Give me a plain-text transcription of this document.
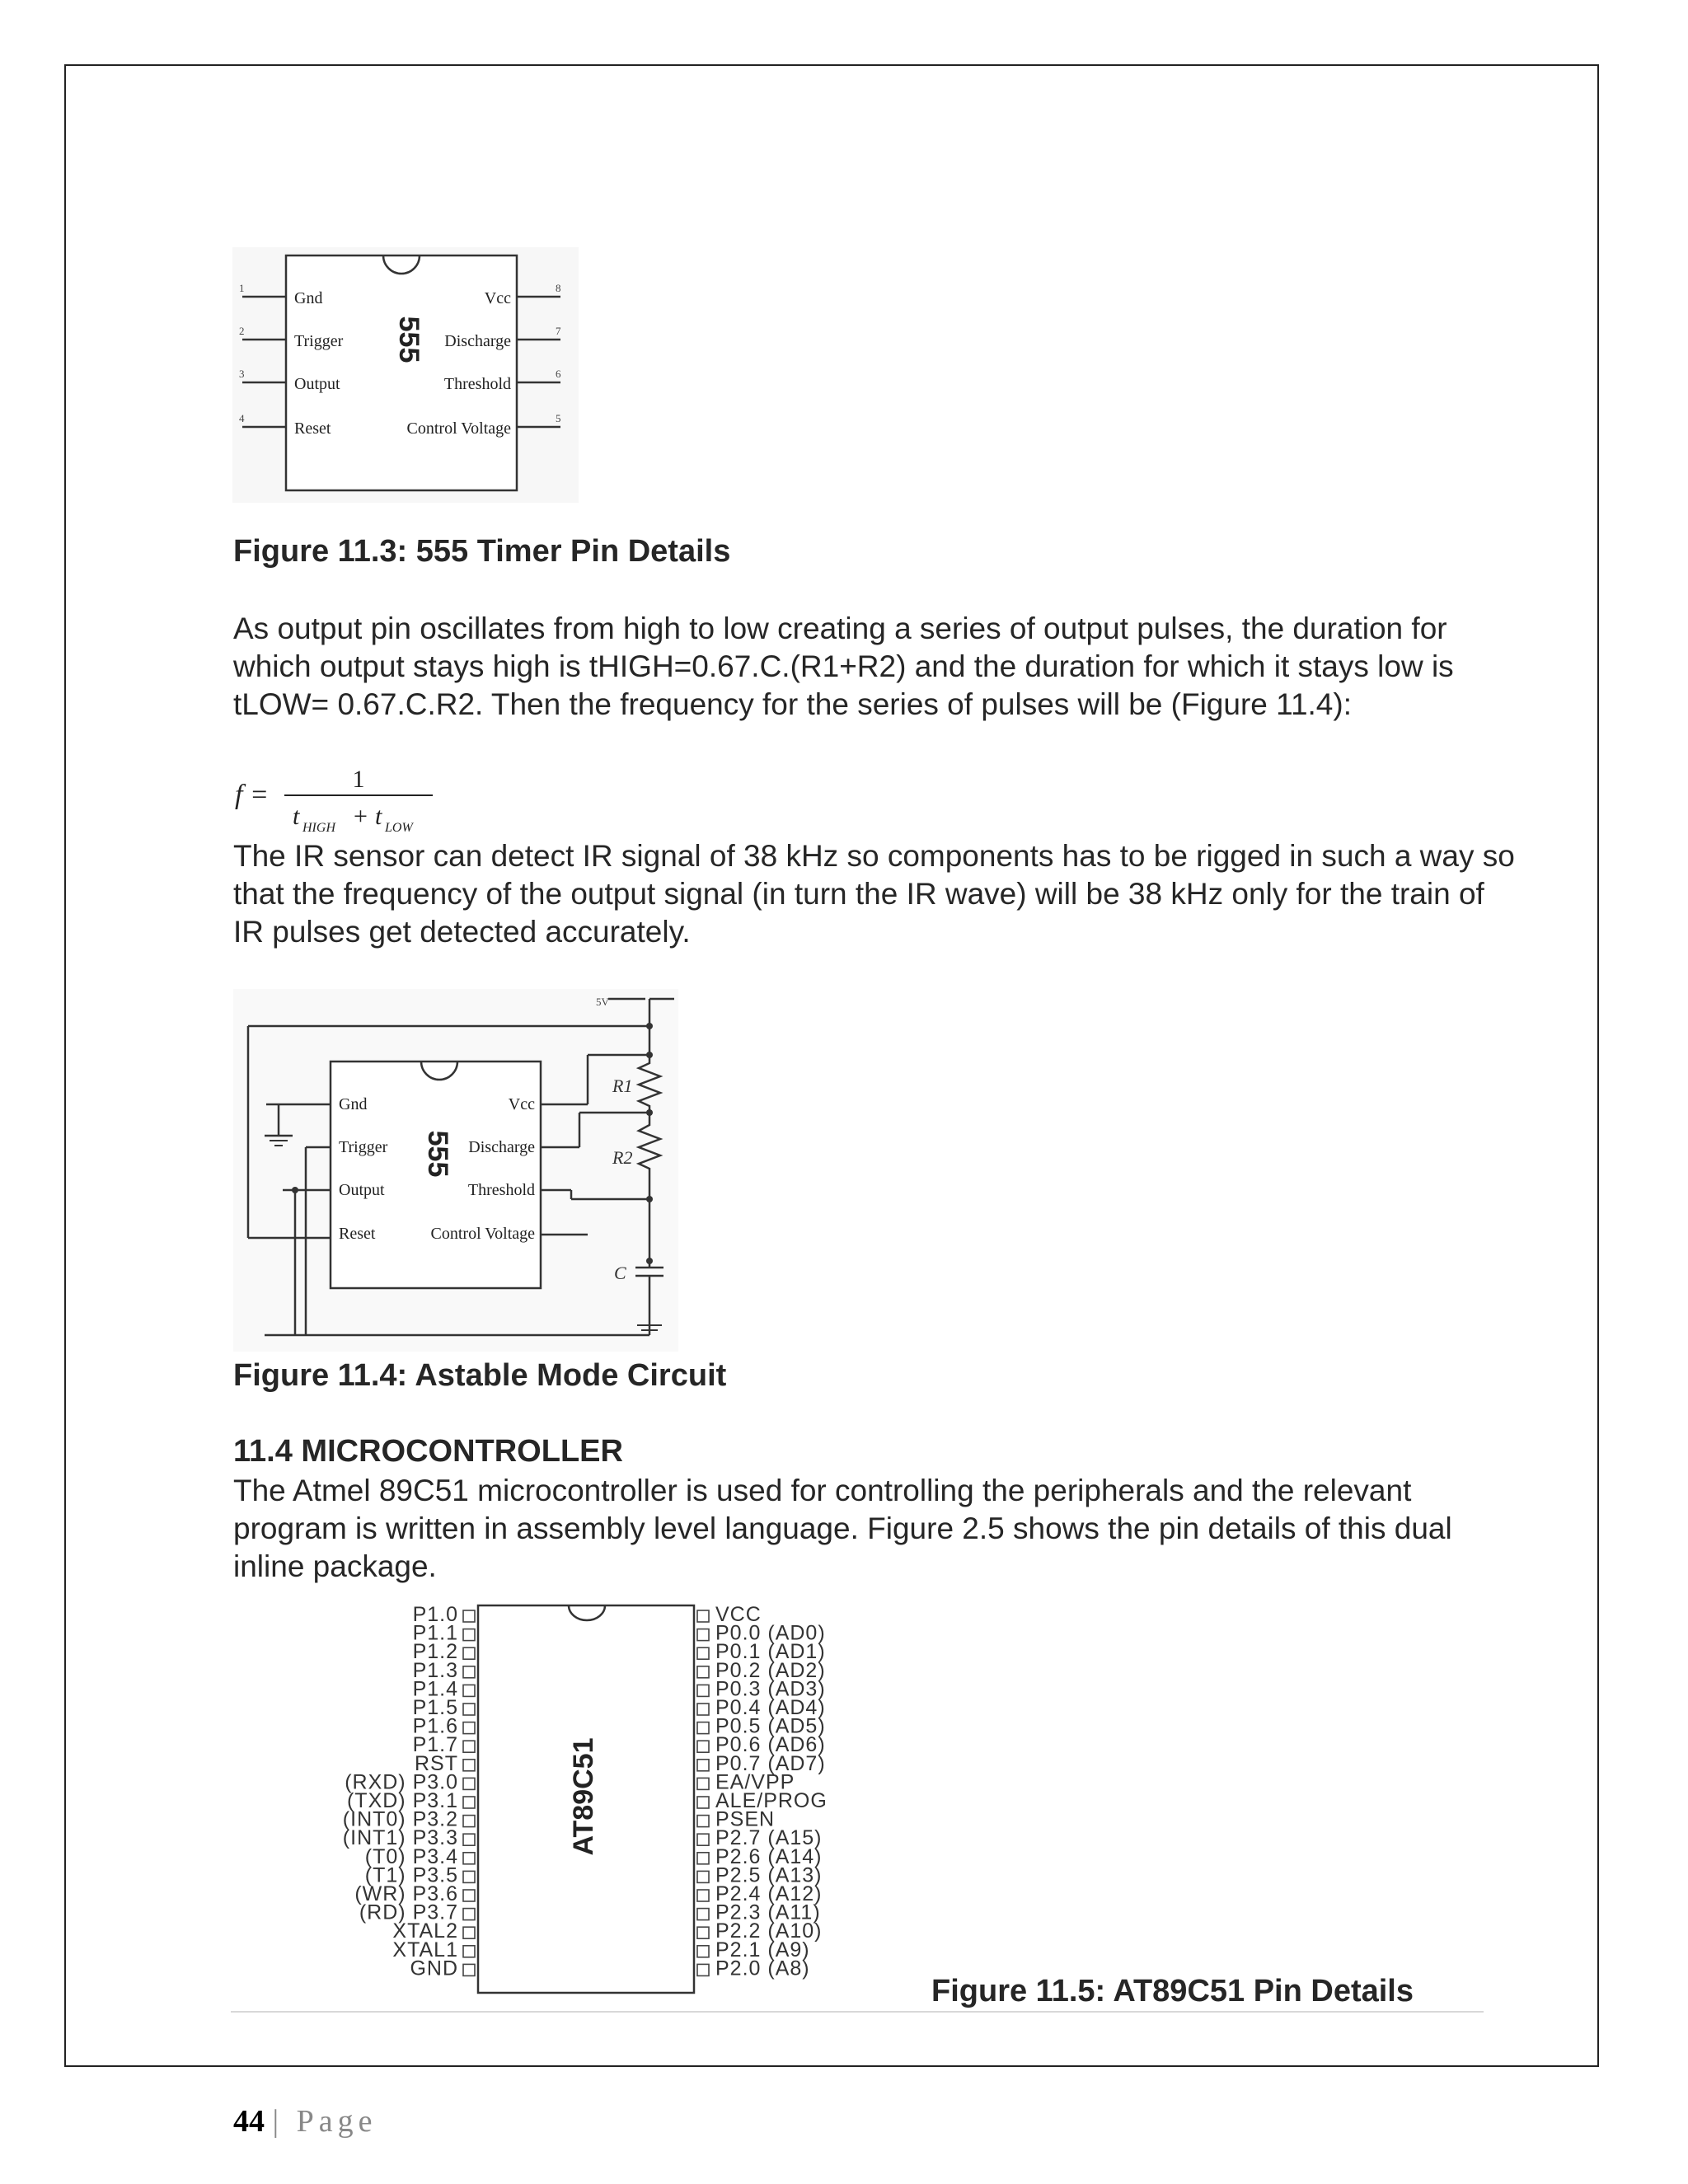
1
2
3
4
8
7
6
5
Gnd
Trigger
Output
Reset
Vcc
Discharge
Threshold
Control Voltage
555
Figure 11.3: 555 Timer Pin Details
As output pin oscillates from high to low creating a series of output pulses, the duration for which output stays high is tHIGH=0.67.C.(R1+R2) and the duration for which it stays low is tLOW= 0.67.C.R2. Then the frequency for the series of pulses will be (Figure 11.4):
f =
1
t HIGH + t LOW
The IR sensor can detect IR signal of 38 kHz so components has to be rigged in such a way so that the frequency of the output signal (in turn the IR wave) will be 38 kHz only for the train of IR pulses get detected accurately.
5V
Gnd
Trigger
Output
Reset
Vcc
Discharge
Threshold
Control Voltage
555
R1
R2
C
Figure 11.4: Astable Mode Circuit
11.4 MICROCONTROLLER
The Atmel 89C51 microcontroller is used for controlling the peripherals and the relevant program is written in assembly level language. Figure 2.5 shows the pin details of this dual inline package.
P1.0
P1.1
P1.2
P1.3
P1.4
P1.5
P1.6
P1.7
RST
(RXD) P3.0
(TXD) P3.1
(INT0) P3.2
(INT1) P3.3
(T0) P3.4
(T1) P3.5
(WR) P3.6
(RD) P3.7
XTAL2
XTAL1
GND
VCC
P0.0 (AD0)
P0.1 (AD1)
P0.2 (AD2)
P0.3 (AD3)
P0.4 (AD4)
P0.5 (AD5)
P0.6 (AD6)
P0.7 (AD7)
EA/VPP
ALE/PROG
PSEN
P2.7 (A15)
P2.6 (A14)
P2.5 (A13)
P2.4 (A12)
P2.3 (A11)
P2.2 (A10)
P2.1 (A9)
P2.0 (A8)
AT89C51
Figure 11.5: AT89C51 Pin Details
44 | Page
